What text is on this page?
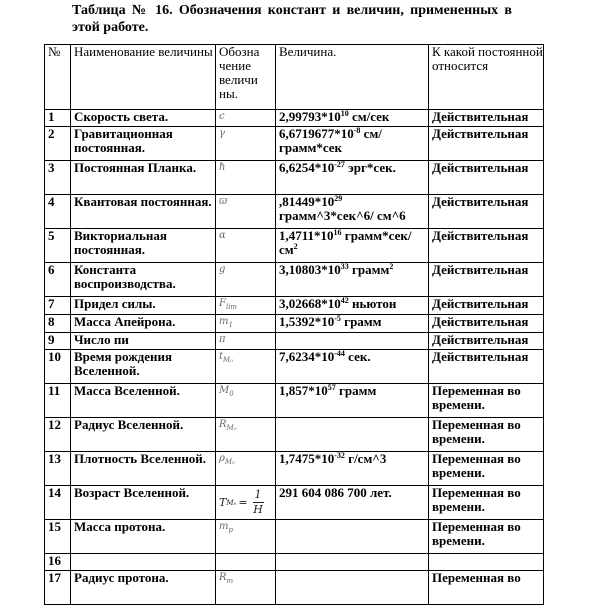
Таблица № 16. Обозначения констант и величин, примененных в этой работе.
№	Наименование величины	Обозна чение величи ны.	Величина.	К какой постоянной относится
1	Скорость света.	c	$2,99793*10^{10}$ см/сек	Действительная
2	Гравитационная постоянная.	γ	$6,6719677*10^{-8}$ см/грамм*сек	Действительная
3	Постоянная Планка.	ħ	$6,6254*10^{-27}$ эрг*сек.	Действительная
4	Квантовая постоянная.	ϖ	$,81449*10^{29}$ грамм^3*сек^6/ см^6	Действительная
5	Викториальная постоянная.	α	$1,4711*10^{16}$ $грамм*сек/см^2$	Действительная
6	Константа воспроизводства.	g	$3,10803*10^{33}$ грамм$^2$	Действительная
7	Придел силы.	$F_{lim}$	$3,02668*10^{42}$ ньютон	Действительная
8	Масса Апейрона.	$m_1$	$1,5392*10^{-5}$ грамм	Действительная
9	Число пи	π		Действительная
10	Время рождения Вселенной.	$t_{M_0}$	$7,6234*10^{-44}$ сек.	Действительная
11	Масса Вселенной.	$M_0$	$1,857*10^{57}$ грамм	Переменная во времени.
12	Радиус Вселенной.	$R_{M_0}$		Переменная во времени.
13	Плотность Вселенной.	$\rho_{M_0}$	$1,7475*10^{-32}$ г/см^3	Переменная во времени.
14	Возраст Вселенной.	T $M_0 = \frac{1}{H}$	291 604 086 700 лет.	Переменная во времени.
15	Масса протона.	$m_p$		Переменная во времени.
16				
17	Радиус протона.	$R_m$		Переменная во
